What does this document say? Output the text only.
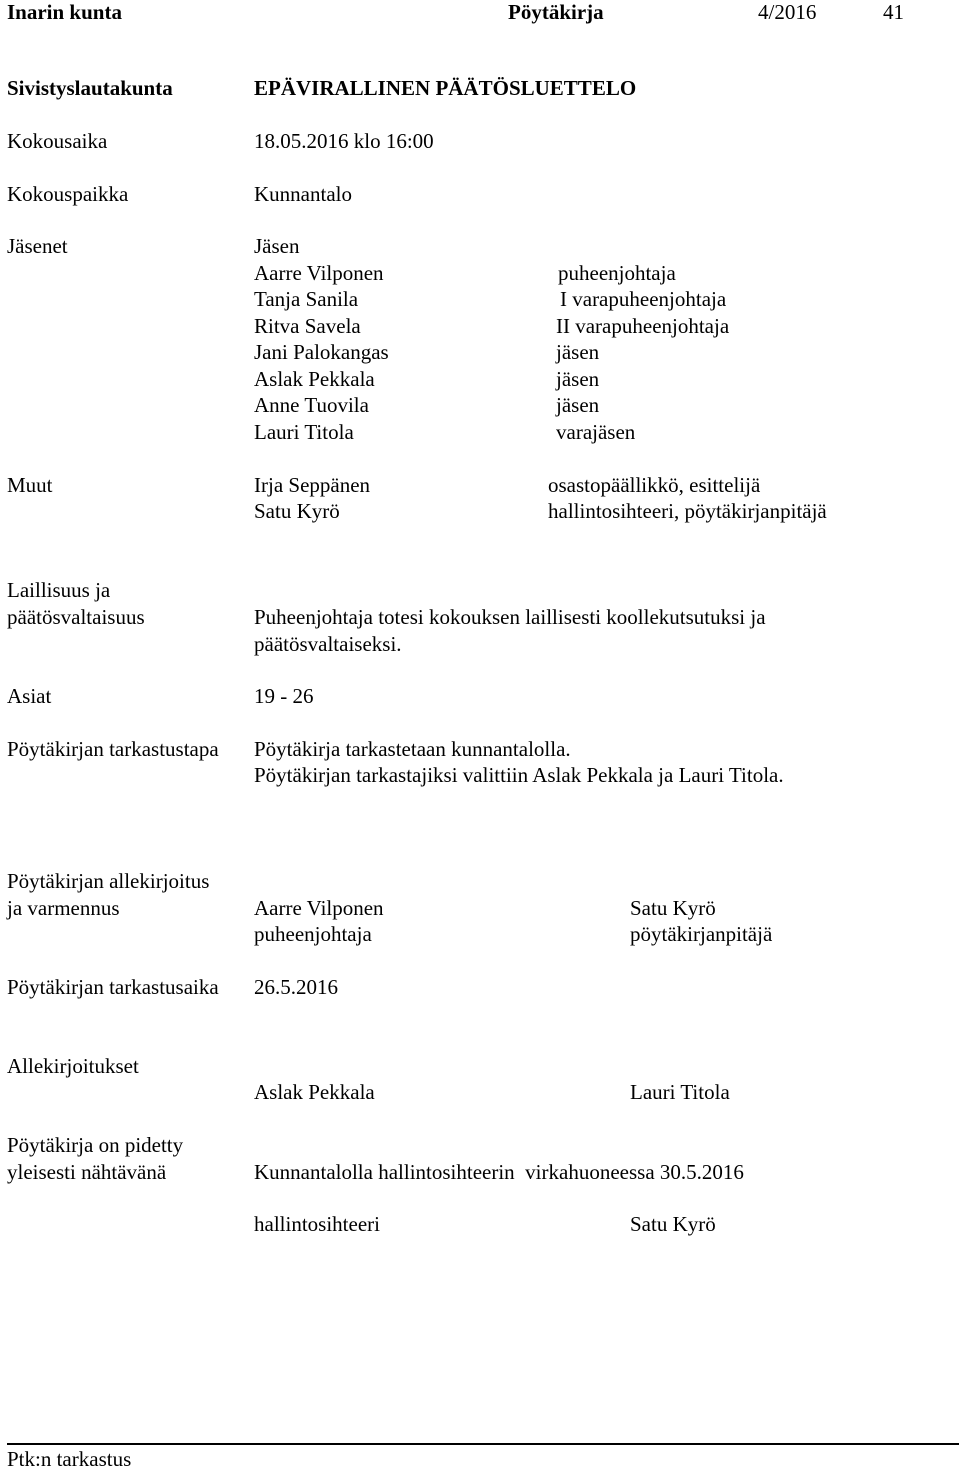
Inarin kunta	Pöytäkirja	4/2016	41
Sivistyslautakunta	EPÄVIRALLINEN PÄÄTÖSLUETTELO
Kokousaika	18.05.2016 klo 16:00
Kokouspaikka	Kunnantalo
Jäsenet	Jäsen
Aarre Vilponen	puheenjohtaja
Tanja Sanila	I varapuheenjohtaja
Ritva Savela	II varapuheenjohtaja
Jani Palokangas	jäsen
Aslak Pekkala	jäsen
Anne Tuovila	jäsen
Lauri Titola	varajäsen
Muut	Irja Seppänen	osastopäällikkö, esittelijä
Satu Kyrö	hallintosihteeri, pöytäkirjanpitäjä
Laillisuus ja
päätösvaltaisuus	Puheenjohtaja totesi kokouksen laillisesti koollekutsutuksi ja
päätösvaltaiseksi.
Asiat	19 - 26
Pöytäkirjan tarkastustapa Pöytäkirja tarkastetaan kunnantalolla.
Pöytäkirjan tarkastajiksi valittiin Aslak Pekkala ja Lauri Titola.
Pöytäkirjan allekirjoitus
ja varmennus	Aarre Vilponen	Satu Kyrö
puheenjohtaja	pöytäkirjanpitäjä
Pöytäkirjan tarkastusaika 26.5.2016
Allekirjoitukset
Aslak Pekkala	Lauri Titola
Pöytäkirja on pidetty
yleisesti nähtävänä	Kunnantalolla hallintosihteerin  virkahuoneessa 30.5.2016
hallintosihteeri	Satu Kyrö
Ptk:n tarkastus
